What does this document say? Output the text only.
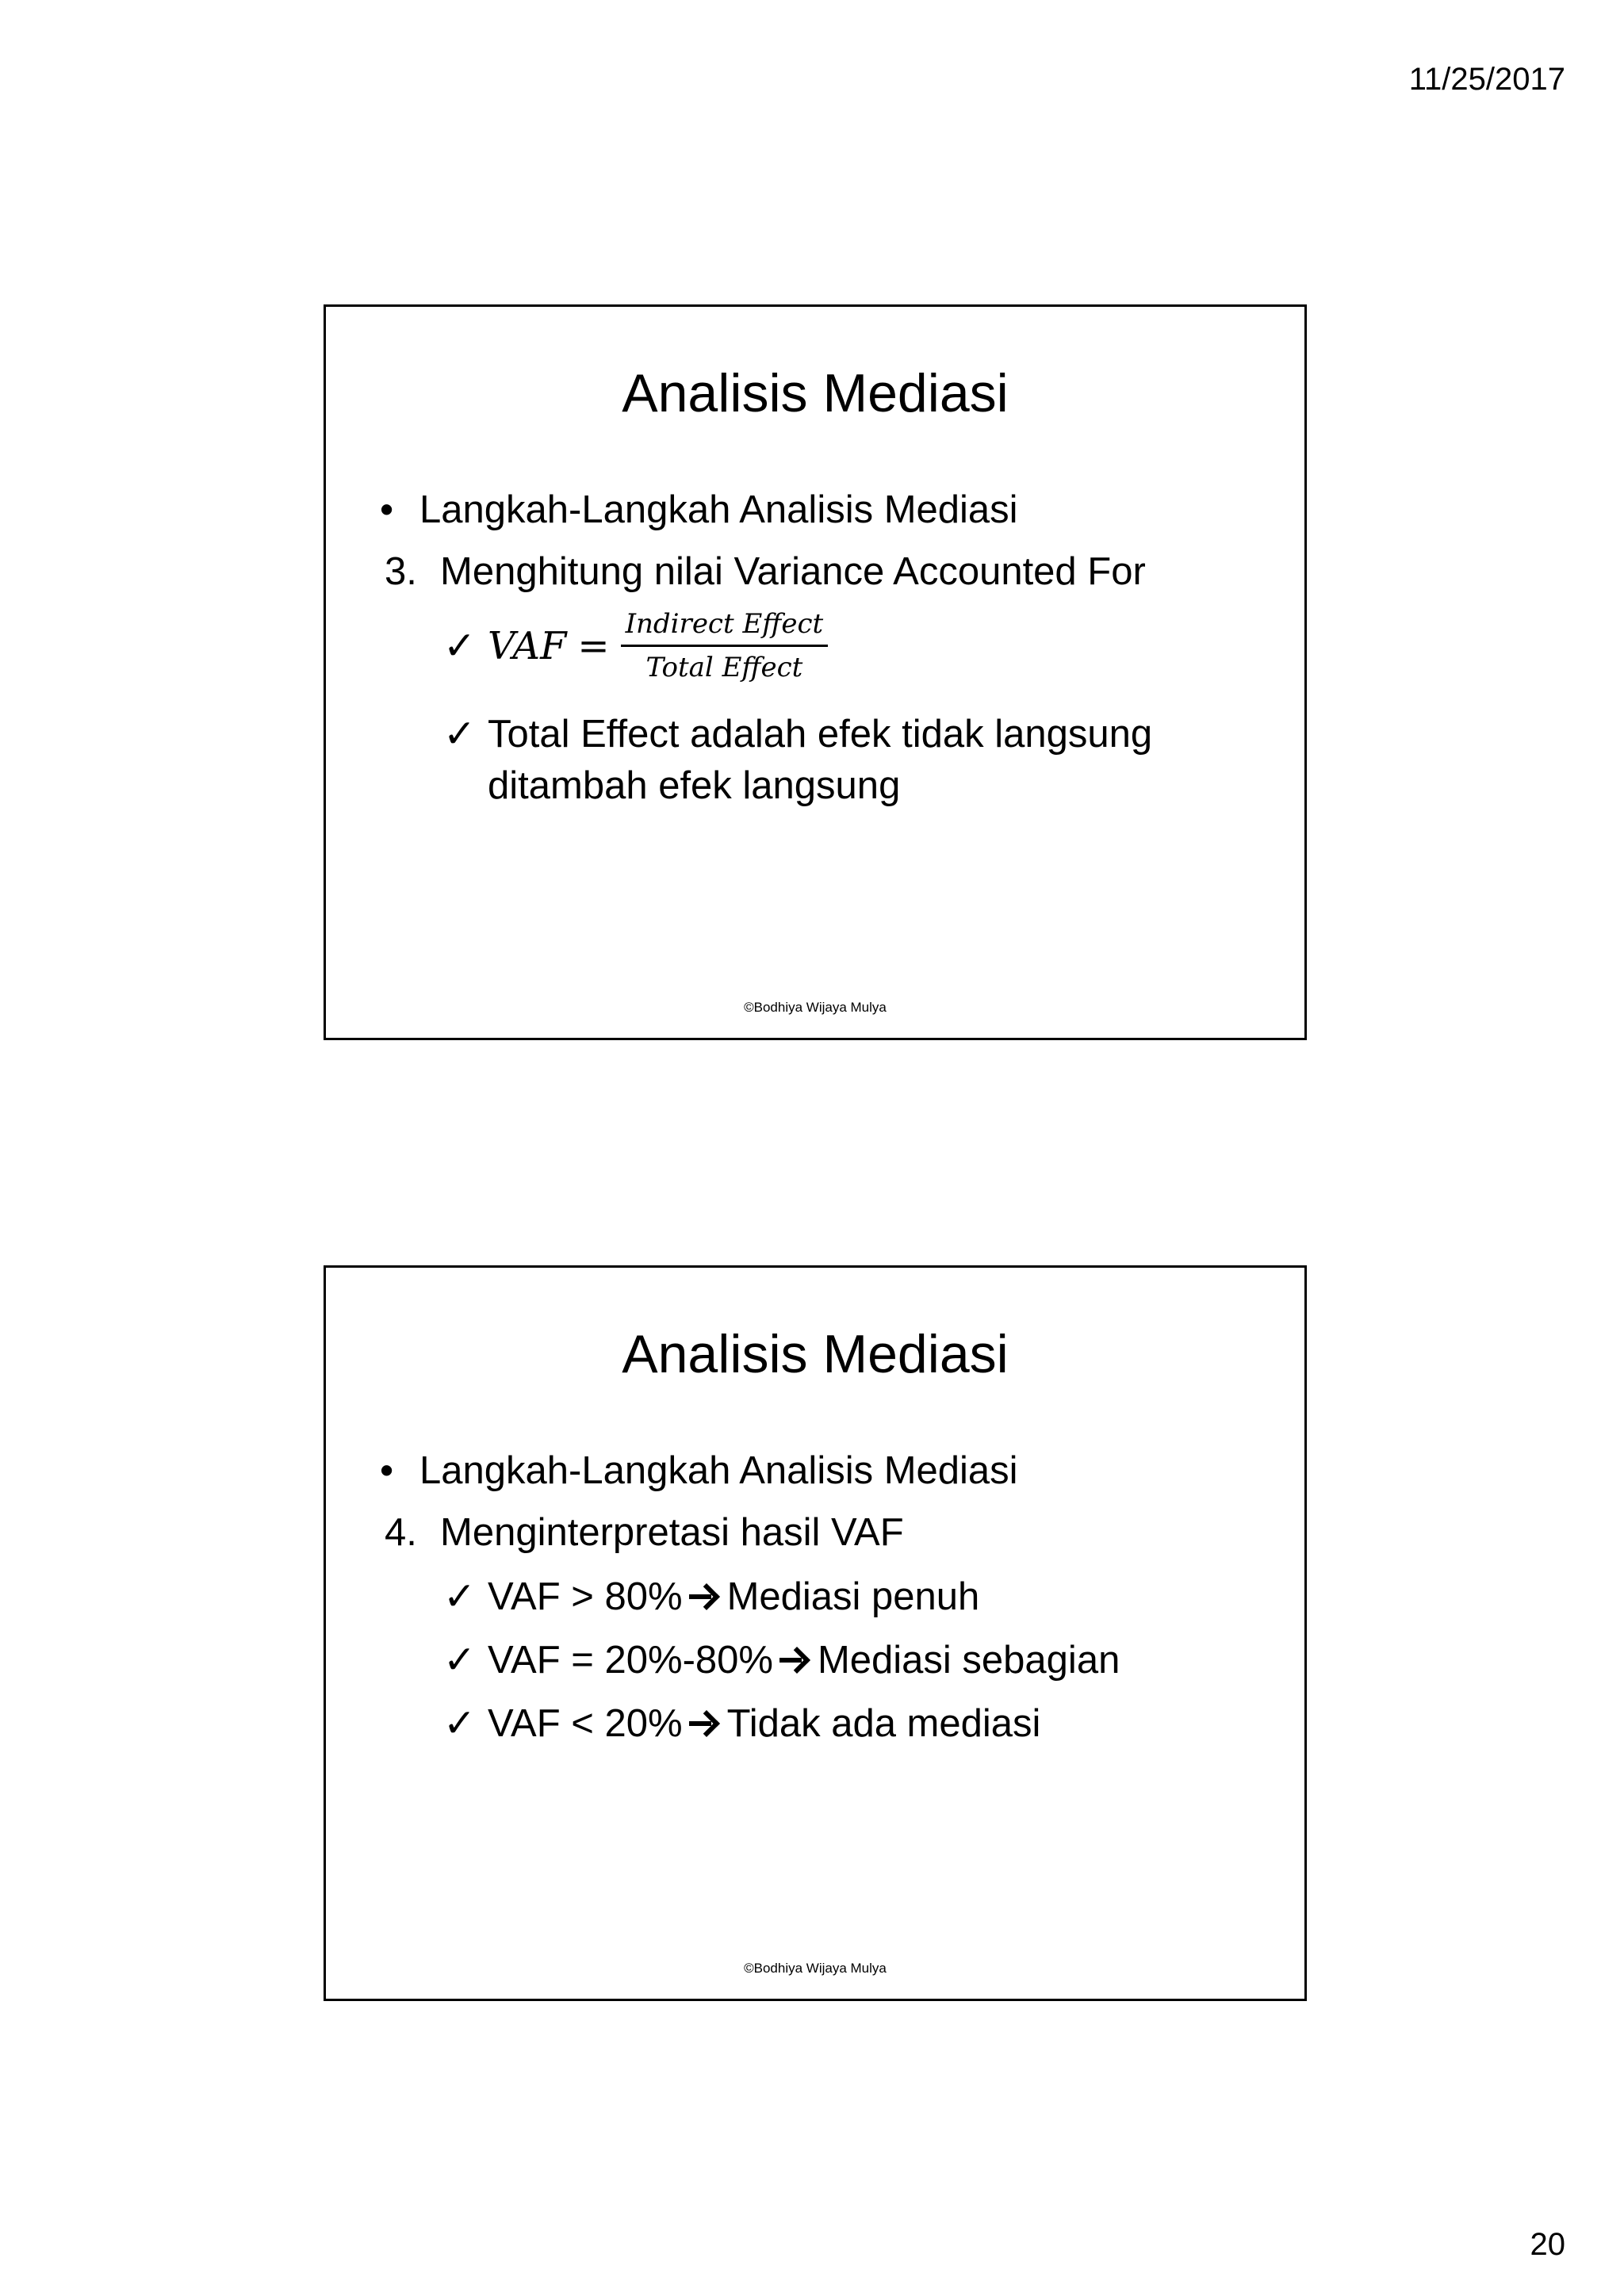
11/25/2017
Analisis Mediasi
• Langkah-Langkah Analisis Mediasi
3. Menghitung nilai Variance Accounted For
✓ VAF = $\frac{\text{Indirect Effect}}{\text{Total Effect}}$
✓ Total Effect adalah efek tidak langsung
ditambah efek langsung
©Bodhiya Wijaya Mulya
Analisis Mediasi
• Langkah-Langkah Analisis Mediasi
4. Menginterpretasi hasil VAF
✓ VAF > 80% Mediasi penuh
✓ VAF = 20%-80% Mediasi sebagian
✓ VAF < 20% Tidak ada mediasi
©Bodhiya Wijaya Mulya
20
